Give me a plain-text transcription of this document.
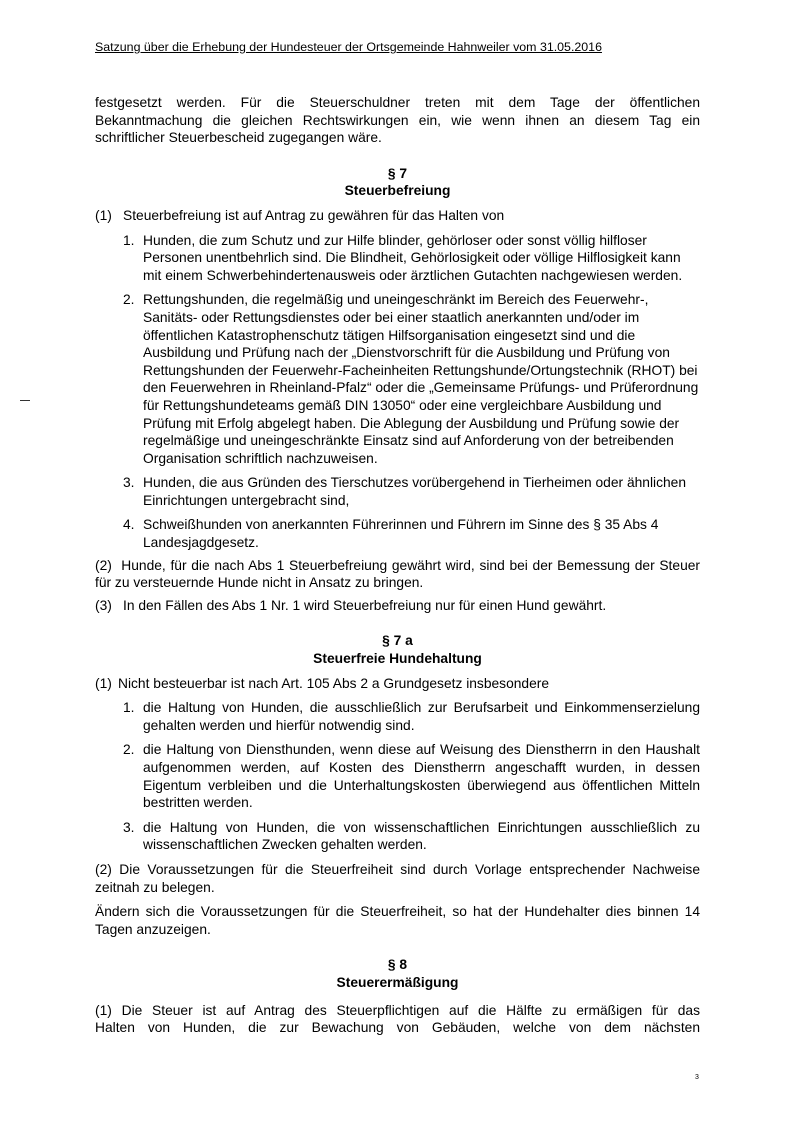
Satzung über die Erhebung der Hundesteuer der Ortsgemeinde Hahnweiler vom 31.05.2016

festgesetzt werden. Für die Steuerschuldner treten mit dem Tage der öffentlichen

Bekanntmachung die gleichen Rechtswirkungen ein, wie wenn ihnen an diesem Tag ein

schriftlicher Steuerbescheid zugegangen wäre.

§ 7

Steuerbefreiung

(1) Steuerbefreiung ist auf Antrag zu gewähren für das Halten von
1. Hunden, die zum Schutz und zur Hilfe blinder, gehörloser oder sonst völlig hilfloser Personen unentbehrlich sind. Die Blindheit, Gehörlosigkeit oder völlige Hilflosigkeit kann mit einem Schwerbehindertenausweis oder ärztlichen Gutachten nachgewiesen werden.
2. Rettungshunden, die regelmäßig und uneingeschränkt im Bereich des Feuerwehr-, Sanitäts- oder Rettungsdienstes oder bei einer staatlich anerkannten und/oder im öffentlichen Katastrophenschutz tätigen Hilfsorganisation eingesetzt sind und die Ausbildung und Prüfung nach der „Dienstvorschrift für die Ausbildung und Prüfung von Rettungshunden der Feuerwehr-Facheinheiten Rettungshunde/Ortungstechnik (RHOT) bei den Feuerwehren in Rheinland-Pfalz“ oder die „Gemeinsame Prüfungs- und Prüferordnung für Rettungshundeteams gemäß DIN 13050“ oder eine vergleichbare Ausbildung und Prüfung mit Erfolg abgelegt haben. Die Ablegung der Ausbildung und Prüfung sowie der regelmäßige und uneingeschränkte Einsatz sind auf Anforderung von der betreibenden Organisation schriftlich nachzuweisen.
3. Hunden, die aus Gründen des Tierschutzes vorübergehend in Tierheimen oder ähnlichen Einrichtungen untergebracht sind,
4. Schweißhunden von anerkannten Führerinnen und Führern im Sinne des § 35 Abs 4 Landesjagdgesetz.
(2) Hunde, für die nach Abs 1 Steuerbefreiung gewährt wird, sind bei der Bemessung der Steuer für zu versteuernde Hunde nicht in Ansatz zu bringen.
(3) In den Fällen des Abs 1 Nr. 1 wird Steuerbefreiung nur für einen Hund gewährt.

§ 7 a

Steuerfreie Hundehaltung

(1) Nicht besteuerbar ist nach Art. 105 Abs 2 a Grundgesetz insbesondere
1. die Haltung von Hunden, die ausschließlich zur Berufsarbeit und Einkommenserzielung gehalten werden und hierfür notwendig sind.
2. die Haltung von Diensthunden, wenn diese auf Weisung des Dienstherrn in den Haushalt aufgenommen werden, auf Kosten des Dienstherrn angeschafft wurden, in dessen Eigentum verbleiben und die Unterhaltungskosten überwiegend aus öffentlichen Mitteln bestritten werden.
3. die Haltung von Hunden, die von wissenschaftlichen Einrichtungen ausschließlich zu wissenschaftlichen Zwecken gehalten werden.

(2) Die Voraussetzungen für die Steuerfreiheit sind durch Vorlage entsprechender Nachweise zeitnah zu belegen.

Ändern sich die Voraussetzungen für die Steuerfreiheit, so hat der Hundehalter dies binnen 14 Tagen anzuzeigen.

§ 8

Steuerermäßigung

(1) Die Steuer ist auf Antrag des Steuerpflichtigen auf die Hälfte zu ermäßigen für das

Halten von Hunden, die zur Bewachung von Gebäuden, welche von dem nächsten

3
